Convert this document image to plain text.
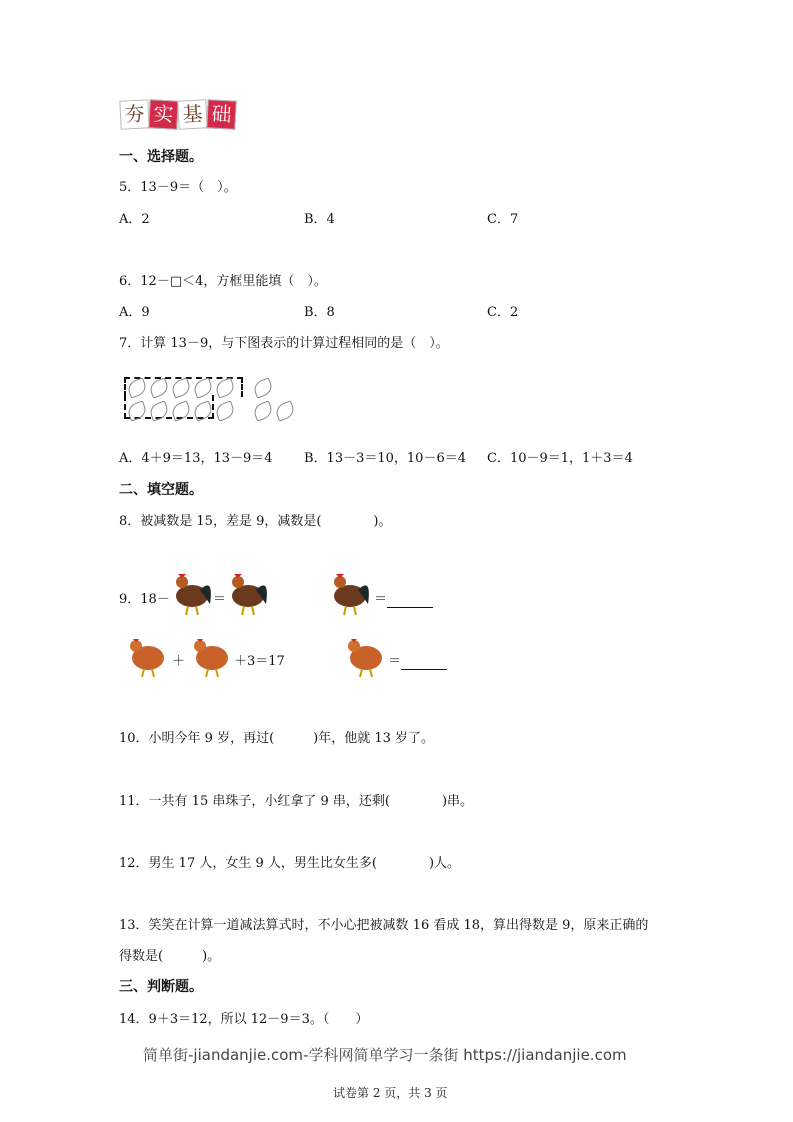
夯 实 基 础
一、选择题。
5．13－9＝（　）。
A．2	B．4	C．7
6．12－□＜4，方框里能填（　）。
A．9	B．8	C．2
7．计算 13－9，与下图表示的计算过程相同的是（　）。
A．4＋9＝13，13－9＝4 B．13－3＝10，10－6＝4 C．10－9＝1，1＋3＝4
二、填空题。
8．被减数是 15，差是 9，减数是(　　　　)。
9．18－	＝	＝
＋	＋3＝17	＝
10．小明今年 9 岁，再过(　　　)年，他就 13 岁了。
11．一共有 15 串珠子，小红拿了 9 串，还剩(　　　　)串。
12．男生 17 人，女生 9 人，男生比女生多(　　　　)人。
13．笑笑在计算一道减法算式时，不小心把被减数 16 看成 18，算出得数是 9，原来正确的
得数是(　　　)。
三、判断题。
14．9＋3＝12，所以 12－9＝3。（　　）
简单街-jiandanjie.com-学科网简单学习一条街 https://jiandanjie.com
试卷第 2 页，共 3 页
